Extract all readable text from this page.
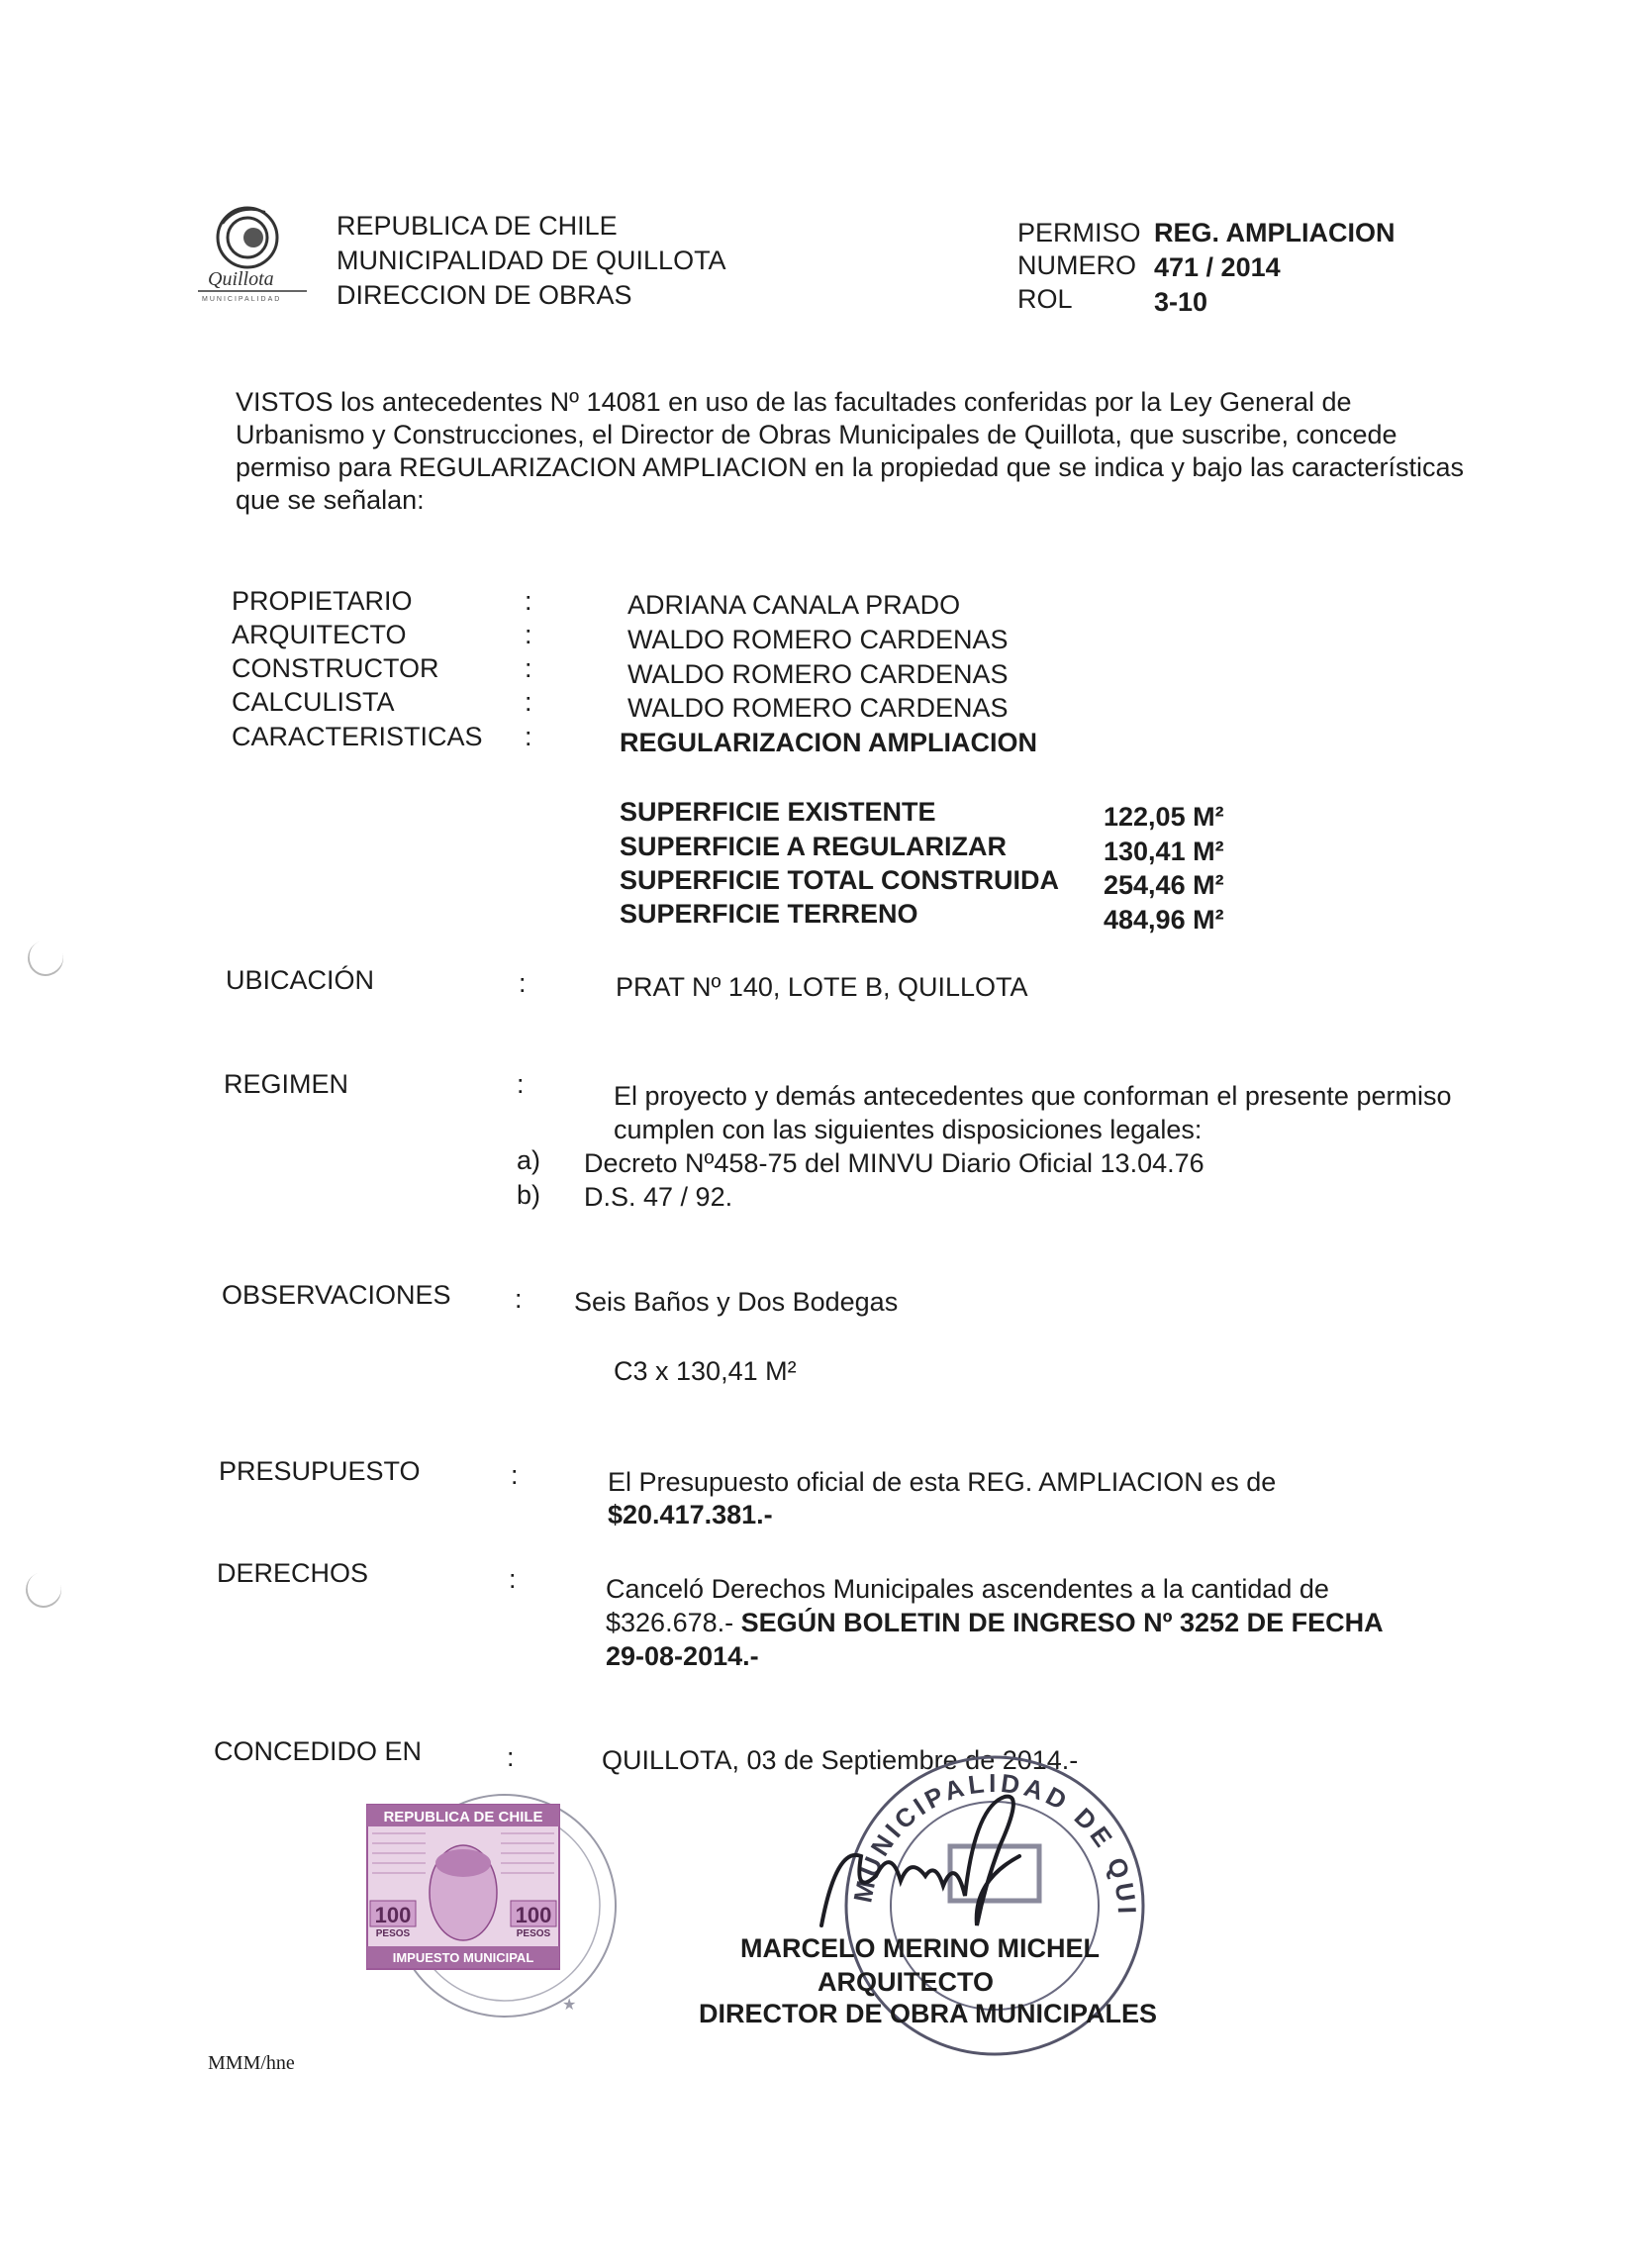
Quillota
MUNICIPALIDAD
REPUBLICA DE CHILE
MUNICIPALIDAD DE QUILLOTA
DIRECCION DE OBRAS
PERMISO REG. AMPLIACION
NUMERO 471 / 2014
ROL	3-10
VISTOS los antecedentes Nº 14081 en uso de las facultades conferidas por la Ley General de
Urbanismo y Construcciones, el Director de Obras Municipales de Quillota, que suscribe, concede
permiso para REGULARIZACION AMPLIACION en la propiedad que se indica y bajo las características
que se señalan:
PROPIETARIO	:	ADRIANA CANALA PRADO
ARQUITECTO	:	WALDO ROMERO CARDENAS
CONSTRUCTOR	:	WALDO ROMERO CARDENAS
CALCULISTA	:	WALDO ROMERO CARDENAS
CARACTERISTICAS :	REGULARIZACION AMPLIACION
SUPERFICIE EXISTENTE	122,05 M²
SUPERFICIE A REGULARIZAR	130,41 M²
SUPERFICIE TOTAL CONSTRUIDA 254,46 M²
SUPERFICIE TERRENO	484,96 M²
UBICACIÓN	:	PRAT Nº 140, LOTE B, QUILLOTA
REGIMEN	:	El proyecto y demás antecedentes que conforman el presente permiso
cumplen con las siguientes disposiciones legales:
a) Decreto Nº458-75 del MINVU Diario Oficial 13.04.76
b) D.S. 47 / 92.
OBSERVACIONES : Seis Baños y Dos Bodegas
C3 x 130,41 M²
PRESUPUESTO	:	El Presupuesto oficial de esta REG. AMPLIACION es de
$20.417.381.-
DERECHOS	:	Canceló Derechos Municipales ascendentes a la cantidad de
$326.678.- SEGÚN BOLETIN DE INGRESO Nº 3252 DE FECHA
29-08-2014.-
CONCEDIDO EN	:	QUILLOTA, 03 de Septiembre de 2014.-
★
REPUBLICA DE CHILE
100
PESOS
100
PESOS
IMPUESTO MUNICIPAL
MUNICIPALIDAD DE QUI
MARCELO MERINO MICHEL
ARQUITECTO
DIRECTOR DE OBRA MUNICIPALES
MMM/hne
